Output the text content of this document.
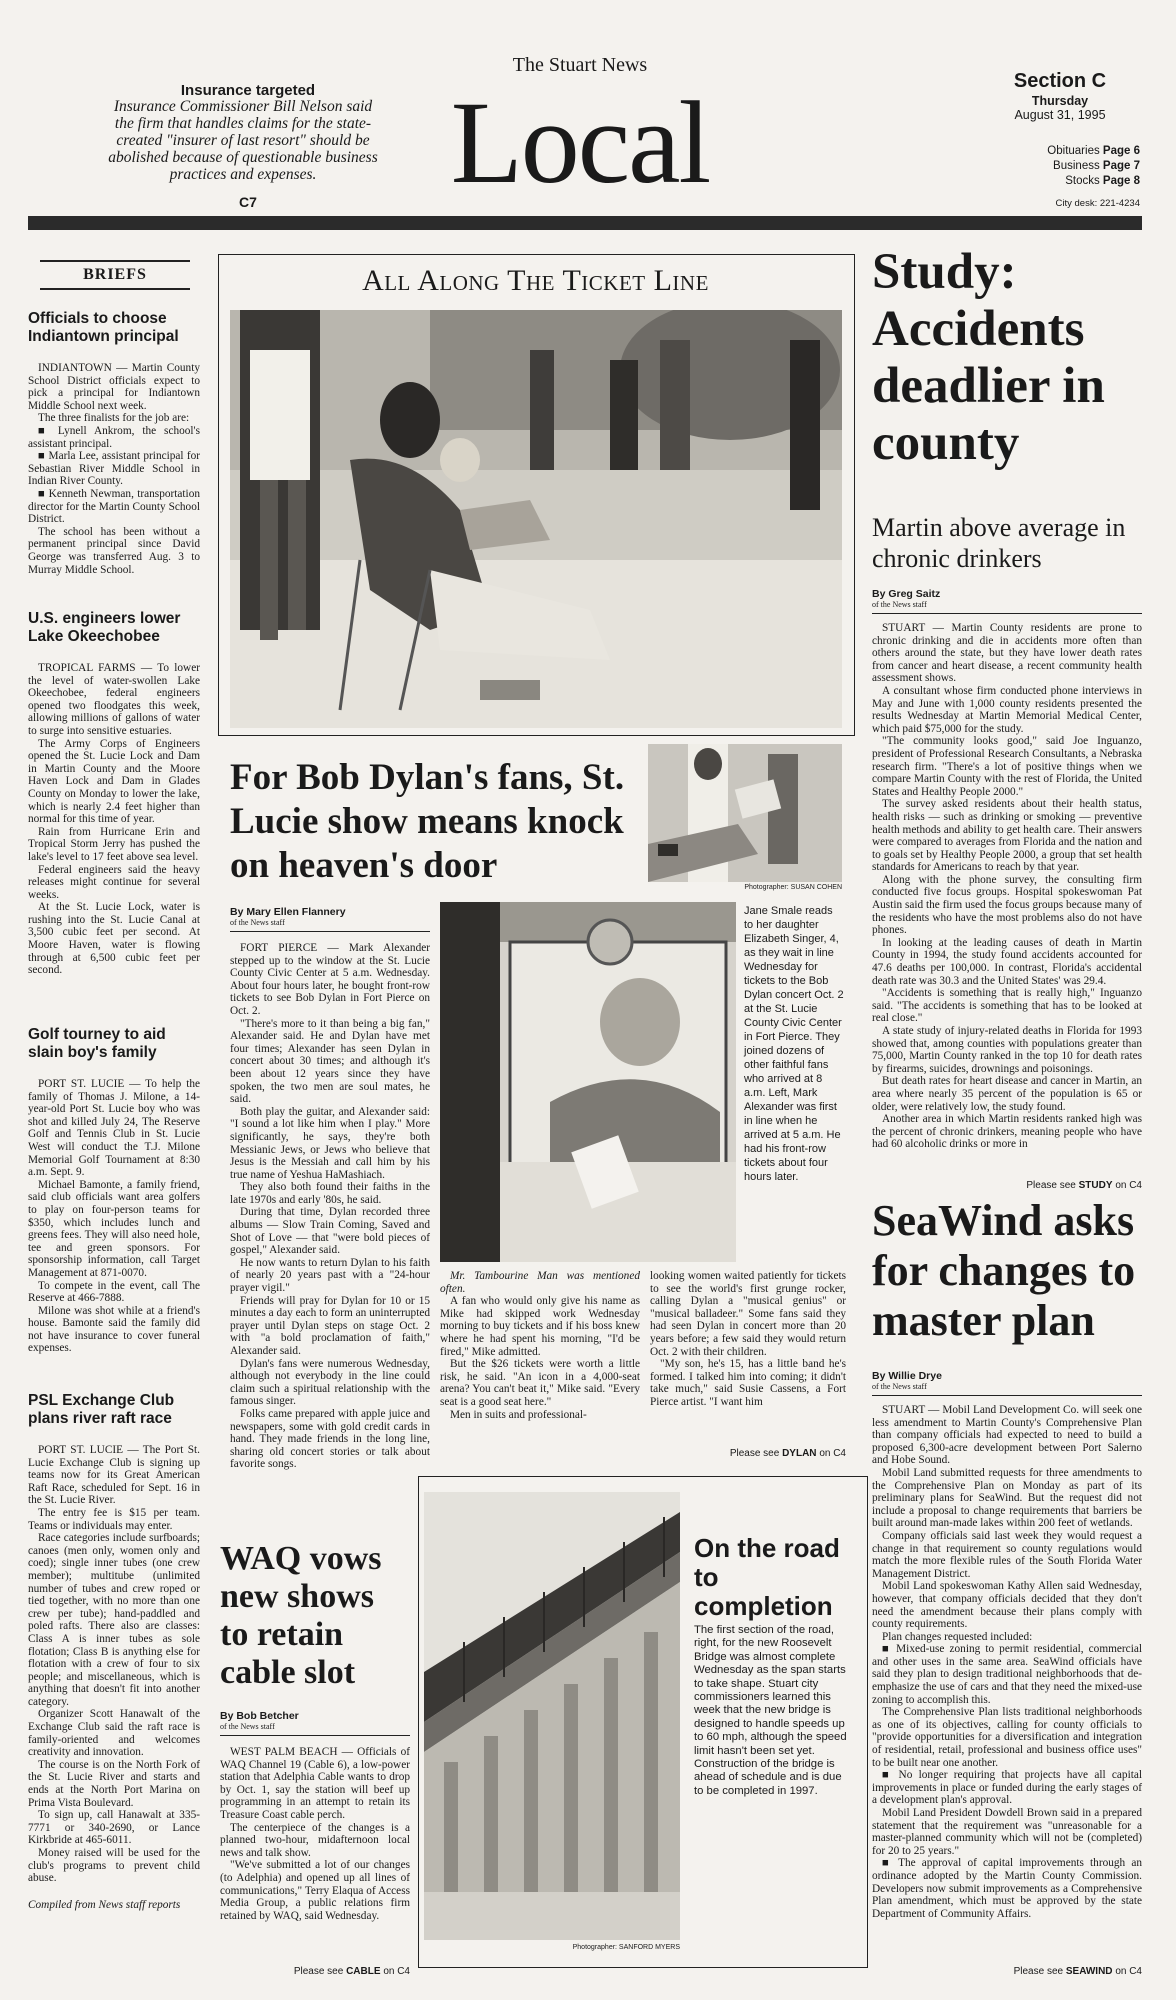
Insurance targeted
Insurance Commissioner Bill Nelson said the firm that handles claims for the state-created "insurer of last resort" should be abolished because of questionable business practices and expenses.
C7
The Stuart News
Local	Section C
Thursday
August 31, 1995
Obituaries Page 6
Business Page 7
Stocks Page 8
City desk: 221-4234
BRIEFS
Officials to choose Indiantown principal

INDIANTOWN — Martin County School District officials expect to pick a principal for Indiantown Middle School next week.

The three finalists for the job are:

■ Lynell Ankrom, the school's assistant principal.

■ Marla Lee, assistant principal for Sebastian River Middle School in Indian River County.

■ Kenneth Newman, transportation director for the Martin County School District.

The school has been without a permanent principal since David George was transferred Aug. 3 to Murray Middle School.

U.S. engineers lower Lake Okeechobee

TROPICAL FARMS — To lower the level of water-swollen Lake Okeechobee, federal engineers opened two floodgates this week, allowing millions of gallons of water to surge into sensitive estuaries.

The Army Corps of Engineers opened the St. Lucie Lock and Dam in Martin County and the Moore Haven Lock and Dam in Glades County on Monday to lower the lake, which is nearly 2.4 feet higher than normal for this time of year.

Rain from Hurricane Erin and Tropical Storm Jerry has pushed the lake's level to 17 feet above sea level.

Federal engineers said the heavy releases might continue for several weeks.

At the St. Lucie Lock, water is rushing into the St. Lucie Canal at 3,500 cubic feet per second. At Moore Haven, water is flowing through at 6,500 cubic feet per second.

Golf tourney to aid slain boy's family

PORT ST. LUCIE — To help the family of Thomas J. Milone, a 14-year-old Port St. Lucie boy who was shot and killed July 24, The Reserve Golf and Tennis Club in St. Lucie West will conduct the T.J. Milone Memorial Golf Tournament at 8:30 a.m. Sept. 9.

Michael Bamonte, a family friend, said club officials want area golfers to play on four-person teams for $350, which includes lunch and greens fees. They will also need hole, tee and green sponsors. For sponsorship information, call Target Management at 871-0070.

To compete in the event, call The Reserve at 466-7888.

Milone was shot while at a friend's house. Bamonte said the family did not have insurance to cover funeral expenses.

PSL Exchange Club plans river raft race

PORT ST. LUCIE — The Port St. Lucie Exchange Club is signing up teams now for its Great American Raft Race, scheduled for Sept. 16 in the St. Lucie River.

The entry fee is $15 per team. Teams or individuals may enter.

Race categories include surfboards; canoes (men only, women only and coed); single inner tubes (one crew member); multitube (unlimited number of tubes and crew roped or tied together, with no more than one crew per tube); hand-paddled and poled rafts. There also are classes: Class A is inner tubes as sole flotation; Class B is anything else for flotation with a crew of four to six people; and miscellaneous, which is anything that doesn't fit into another category.

Organizer Scott Hanawalt of the Exchange Club said the raft race is family-oriented and welcomes creativity and innovation.

The course is on the North Fork of the St. Lucie River and starts and ends at the North Port Marina on Prima Vista Boulevard.

To sign up, call Hanawalt at 335-7771 or 340-2690, or Lance Kirkbride at 465-6011.

Money raised will be used for the club's programs to prevent child abuse.

Compiled from News staff reports
All Along The Ticket Line
For Bob Dylan's fans, St. Lucie show means knock on heaven's door
Photographer: SUSAN COHEN
By Mary Ellen Flannery
of the News staff

FORT PIERCE — Mark Alexander stepped up to the window at the St. Lucie County Civic Center at 5 a.m. Wednesday. About four hours later, he bought front-row tickets to see Bob Dylan in Fort Pierce on Oct. 2.

"There's more to it than being a big fan," Alexander said. He and Dylan have met four times; Alexander has seen Dylan in concert about 30 times; and although it's been about 12 years since they have spoken, the two men are soul mates, he said.

Both play the guitar, and Alexander said: "I sound a lot like him when I play." More significantly, he says, they're both Messianic Jews, or Jews who believe that Jesus is the Messiah and call him by his true name of Yeshua HaMashiach.

They also both found their faiths in the late 1970s and early '80s, he said.

During that time, Dylan recorded three albums — Slow Train Coming, Saved and Shot of Love — that "were bold pieces of gospel," Alexander said.

He now wants to return Dylan to his faith of nearly 20 years past with a "24-hour prayer vigil."

Friends will pray for Dylan for 10 or 15 minutes a day each to form an uninterrupted prayer until Dylan steps on stage Oct. 2 with "a bold proclamation of faith," Alexander said.

Dylan's fans were numerous Wednesday, although not everybody in the line could claim such a spiritual relationship with the famous singer.

Folks came prepared with apple juice and newspapers, some with gold credit cards in hand. They made friends in the long line, sharing old concert stories or talk about favorite songs.

Jane Smale reads to her daughter Elizabeth Singer, 4, as they wait in line Wednesday for tickets to the Bob Dylan concert Oct. 2 at the St. Lucie County Civic Center in Fort Pierce. They joined dozens of other faithful fans who arrived at 8 a.m. Left, Mark Alexander was first in line when he arrived at 5 a.m. He had his front-row tickets about four hours later.

Mr. Tambourine Man was mentioned often.

A fan who would only give his name as Mike had skipped work Wednesday morning to buy tickets and if his boss knew where he had spent his morning, "I'd be fired," Mike admitted.

But the $26 tickets were worth a little risk, he said. "An icon in a 4,000-seat arena? You can't beat it," Mike said. "Every seat is a good seat here."

Men in suits and professional-

looking women waited patiently for tickets to see the world's first grunge rocker, calling Dylan a "musical genius" or "musical balladeer." Some fans said they had seen Dylan in concert more than 20 years before; a few said they would return Oct. 2 with their children.

"My son, he's 15, has a little band he's formed. I talked him into coming; it didn't take much," said Susie Cassens, a Fort Pierce artist. "I want him

Please see DYLAN on C4
WAQ vows new shows to retain cable slot
By Bob Betcher
of the News staff

WEST PALM BEACH — Officials of WAQ Channel 19 (Cable 6), a low-power station that Adelphia Cable wants to drop by Oct. 1, say the station will beef up programming in an attempt to retain its Treasure Coast cable perch.

The centerpiece of the changes is a planned two-hour, midafternoon local news and talk show.

"We've submitted a lot of our changes (to Adelphia) and opened up all lines of communications," Terry Elaqua of Access Media Group, a public relations firm retained by WAQ, said Wednesday.

Please see CABLE on C4
On the road to completion
The first section of the road, right, for the new Roosevelt Bridge was almost complete Wednesday as the span starts to take shape. Stuart city commissioners learned this week that the new bridge is designed to handle speeds up to 60 mph, although the speed limit hasn't been set yet. Construction of the bridge is ahead of schedule and is due to be completed in 1997.
Photographer: SANFORD MYERS
Study: Accidents deadlier in county
Martin above average in chronic drinkers
By Greg Saitz
of the News staff

STUART — Martin County residents are prone to chronic drinking and die in accidents more often than others around the state, but they have lower death rates from cancer and heart disease, a recent community health assessment shows.

A consultant whose firm conducted phone interviews in May and June with 1,000 county residents presented the results Wednesday at Martin Memorial Medical Center, which paid $75,000 for the study.

"The community looks good," said Joe Inguanzo, president of Professional Research Consultants, a Nebraska research firm. "There's a lot of positive things when we compare Martin County with the rest of Florida, the United States and Healthy People 2000."

The survey asked residents about their health status, health risks — such as drinking or smoking — preventive health methods and ability to get health care. Their answers were compared to averages from Florida and the nation and to goals set by Healthy People 2000, a group that set health standards for Americans to reach by that year.

Along with the phone survey, the consulting firm conducted five focus groups. Hospital spokeswoman Pat Austin said the firm used the focus groups because many of the residents who have the most problems also do not have phones.

In looking at the leading causes of death in Martin County in 1994, the study found accidents accounted for 47.6 deaths per 100,000. In contrast, Florida's accidental death rate was 30.3 and the United States' was 29.4.

"Accidents is something that is really high," Inguanzo said. "The accidents is something that has to be looked at real close."

A state study of injury-related deaths in Florida for 1993 showed that, among counties with populations greater than 75,000, Martin County ranked in the top 10 for death rates by firearms, suicides, drownings and poisonings.

But death rates for heart disease and cancer in Martin, an area where nearly 35 percent of the population is 65 or older, were relatively low, the study found.

Another area in which Martin residents ranked high was the percent of chronic drinkers, meaning people who have had 60 alcoholic drinks or more in

Please see STUDY on C4
SeaWind asks for changes to master plan
By Willie Drye
of the News staff

STUART — Mobil Land Development Co. will seek one less amendment to Martin County's Comprehensive Plan than company officials had expected to need to build a proposed 6,300-acre development between Port Salerno and Hobe Sound.

Mobil Land submitted requests for three amendments to the Comprehensive Plan on Monday as part of its preliminary plans for SeaWind. But the request did not include a proposal to change requirements that barriers be built around man-made lakes within 200 feet of wetlands.

Company officials said last week they would request a change in that requirement so county regulations would match the more flexible rules of the South Florida Water Management District.

Mobil Land spokeswoman Kathy Allen said Wednesday, however, that company officials decided that they don't need the amendment because their plans comply with county requirements.

Plan changes requested included:

■ Mixed-use zoning to permit residential, commercial and other uses in the same area. SeaWind officials have said they plan to design traditional neighborhoods that de-emphasize the use of cars and that they need the mixed-use zoning to accomplish this.

The Comprehensive Plan lists traditional neighborhoods as one of its objectives, calling for county officials to "provide opportunities for a diversification and integration of residential, retail, professional and business office uses" to be built near one another.

■ No longer requiring that projects have all capital improvements in place or funded during the early stages of a development plan's approval.

Mobil Land President Dowdell Brown said in a prepared statement that the requirement was "unreasonable for a master-planned community which will not be (completed) for 20 to 25 years."

■ The approval of capital improvements through an ordinance adopted by the Martin County Commission. Developers now submit improvements as a Comprehensive Plan amendment, which must be approved by the state Department of Community Affairs.

Please see SEAWIND on C4
